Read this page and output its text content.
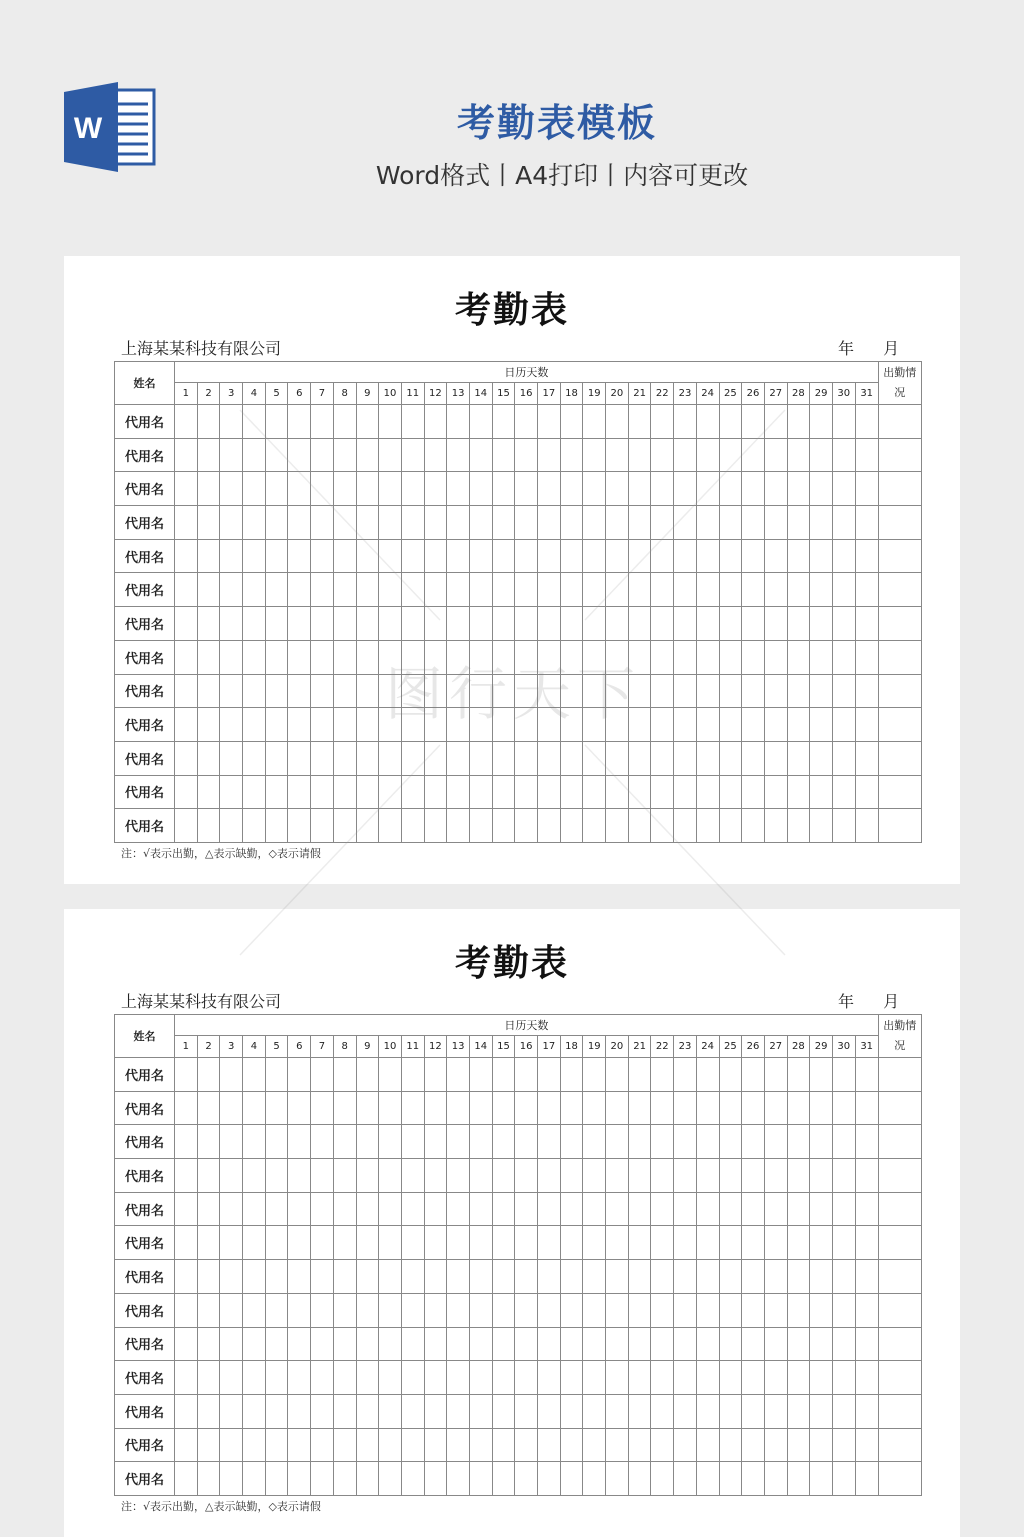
W	考勤表模板
Word格式丨A4打印丨内容可更改
考勤表
上海某某科技有限公司	年 月
姓名	日历天数																															出勤情况
	1	2	3	4	5	6	7	8	9	10	11	12	13	14	15	16	17	18	19	20	21	22	23	24	25	26	27	28	29	30	31	
代用名																																
代用名																																
代用名																																
代用名																																
代用名																																
代用名																																
代用名																																
代用名																																
代用名																																
代用名																																
代用名																																
代用名																																
代用名																																
注：√表示出勤，△表示缺勤，◇表示请假
考勤表
上海某某科技有限公司	年 月
姓名	日历天数																															出勤情况
	1	2	3	4	5	6	7	8	9	10	11	12	13	14	15	16	17	18	19	20	21	22	23	24	25	26	27	28	29	30	31	
代用名																																
代用名																																
代用名																																
代用名																																
代用名																																
代用名																																
代用名																																
代用名																																
代用名																																
代用名																																
代用名																																
代用名																																
代用名																																
注：√表示出勤，△表示缺勤，◇表示请假
